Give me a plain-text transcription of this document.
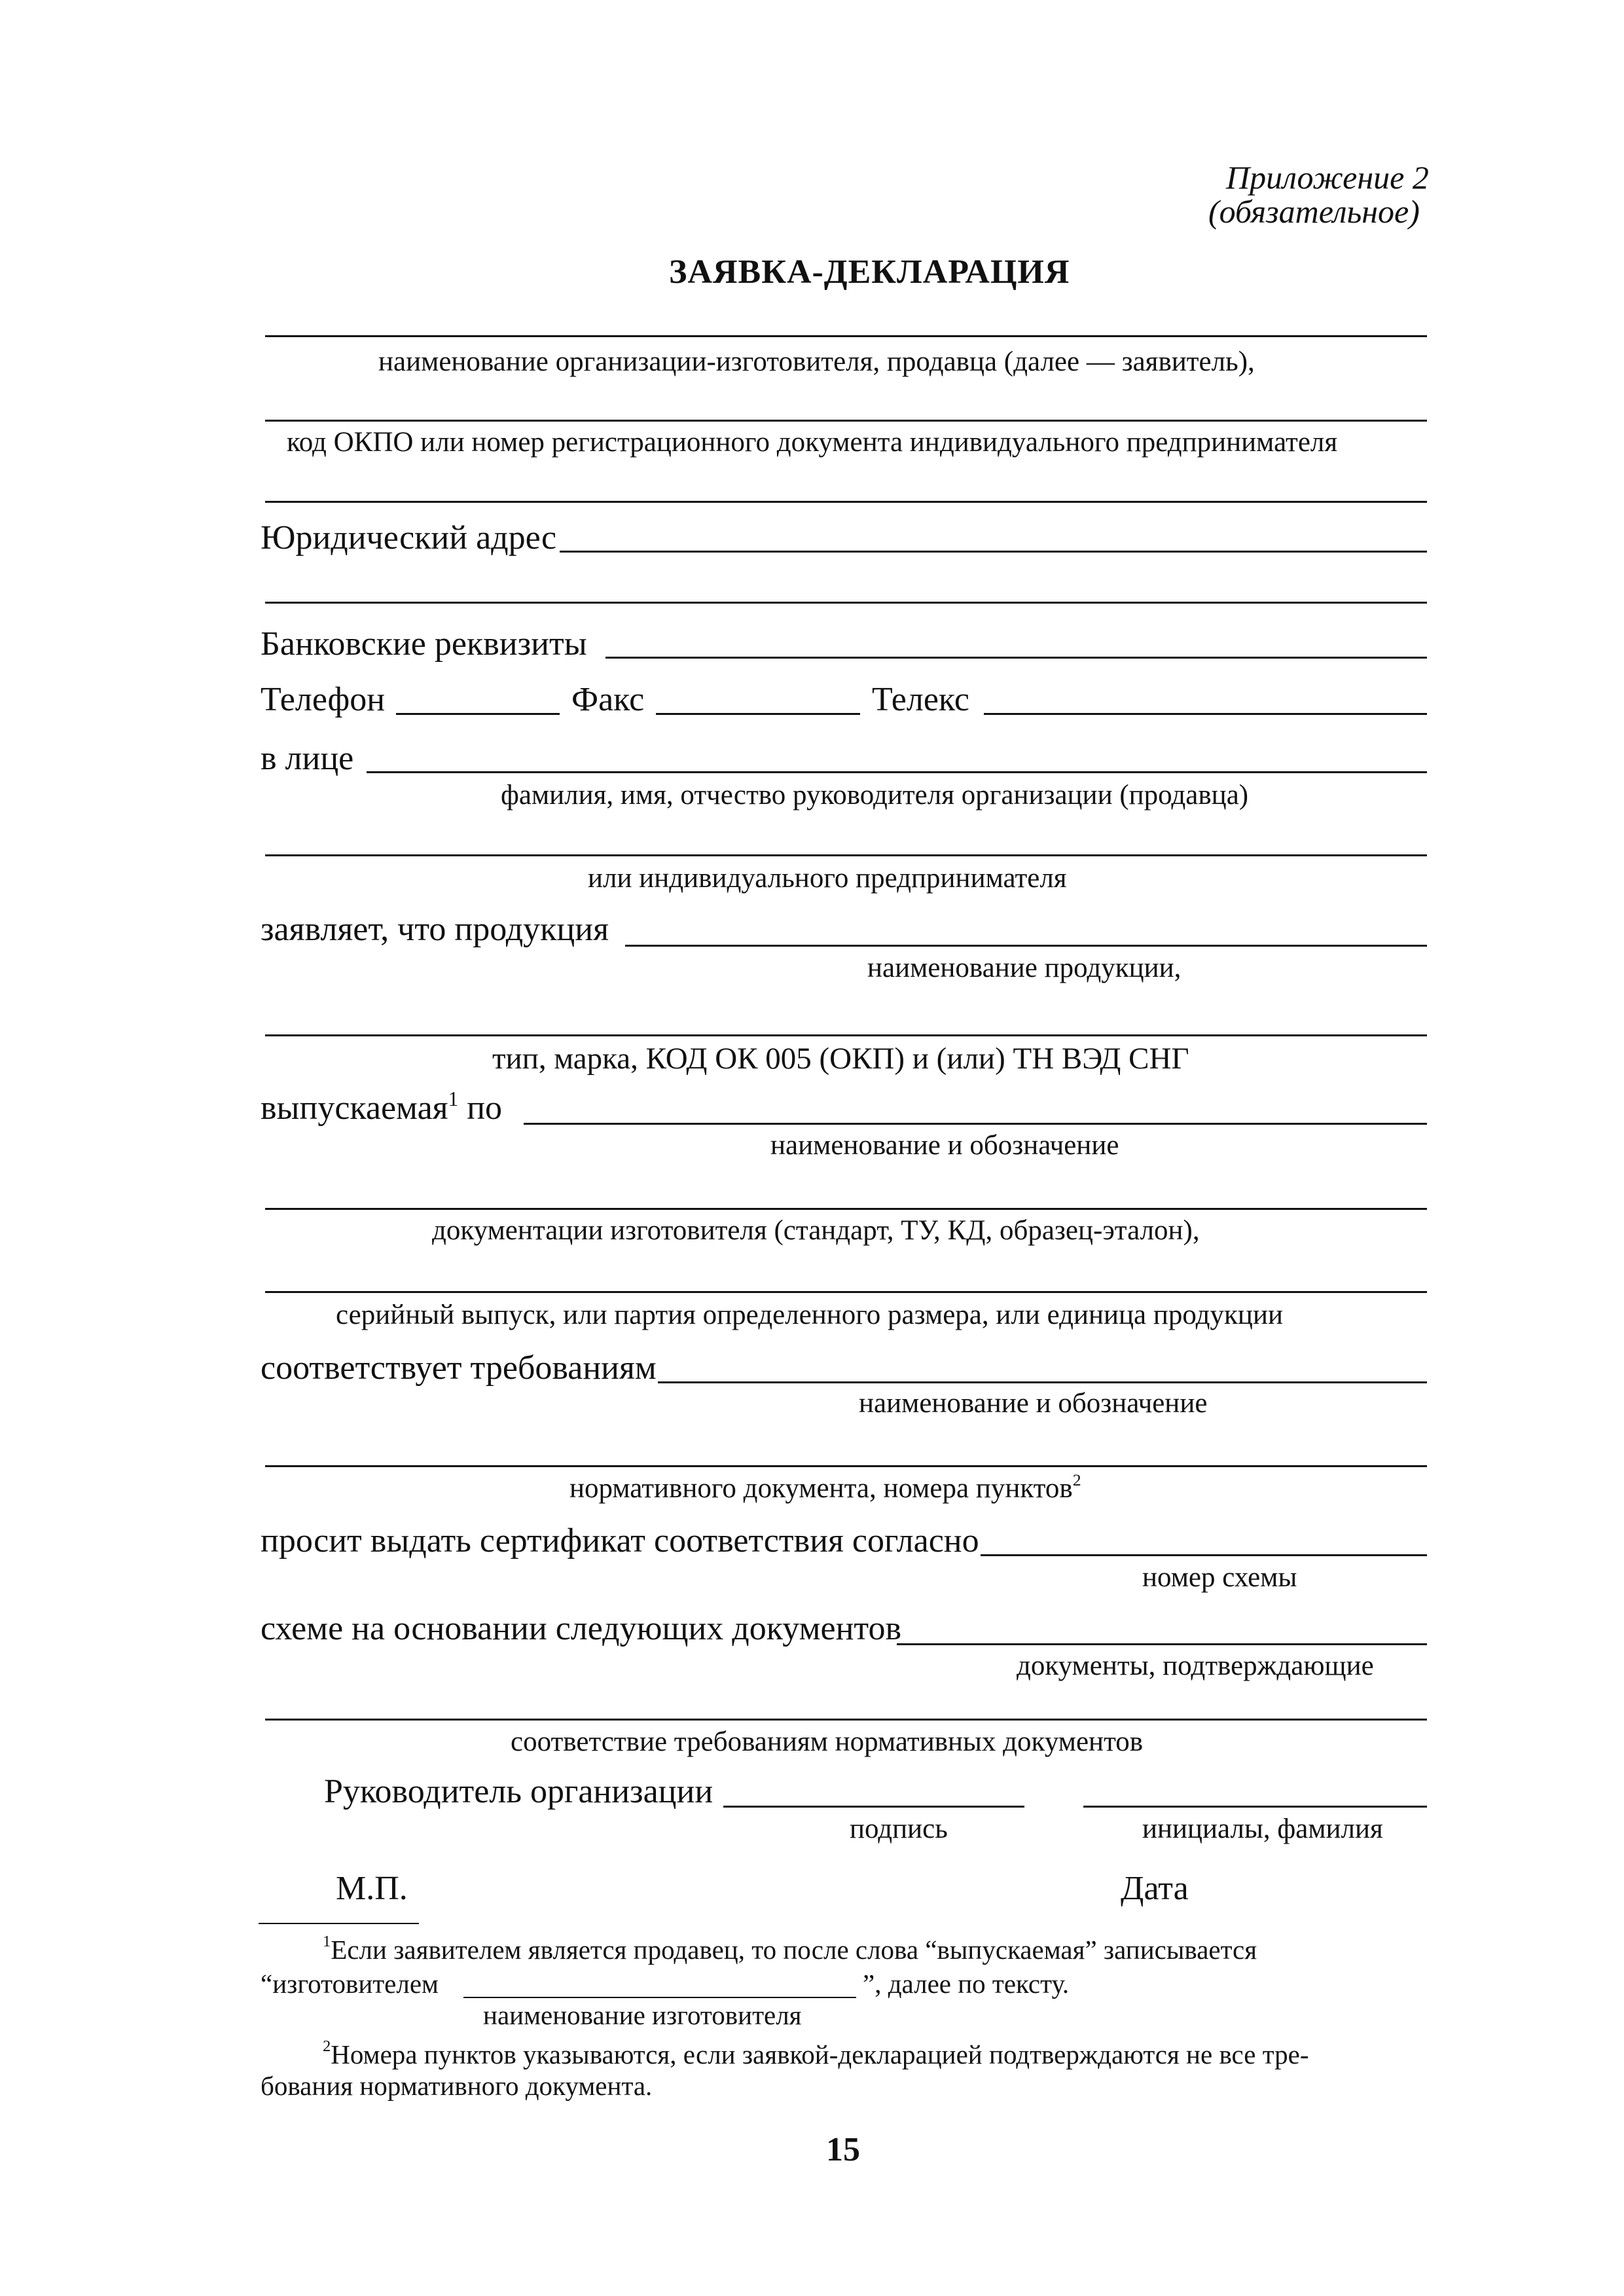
Приложение 2
(обязательное)
ЗАЯВКА-ДЕКЛАРАЦИЯ
наименование организации-изготовителя, продавца (далее — заявитель),
код ОКПО или номер регистрационного документа индивидуального предпринимателя
Юридический адрес
Банковские реквизиты
Телефон	Факс	Телекс
в лице
фамилия, имя, отчество руководителя организации (продавца)
или индивидуального предпринимателя
заявляет, что продукция
наименование продукции,
тип, марка, КОД ОК 005 (ОКП) и (или) ТН ВЭД СНГ
выпускаемая$^1$ по
наименование и обозначение
документации изготовителя (стандарт, ТУ, КД, образец-эталон),
серийный выпуск, или партия определенного размера, или единица продукции
соответствует требованиям
наименование и обозначение
нормативного документа, номера пунктов$^2$
просит выдать сертификат соответствия согласно
номер схемы
схеме на основании следующих документов
документы, подтверждающие
соответствие требованиям нормативных документов
Руководитель организации
подпись	инициалы, фамилия
М.П.	Дата
$^1$Если заявителем является продавец, то после слова “выпускаемая” записывается
“изготовителем	”, далее по тексту.
наименование изготовителя
$^2$Номера пунктов указываются, если заявкой-декларацией подтверждаются не все тре-
бования нормативного документа.
15
